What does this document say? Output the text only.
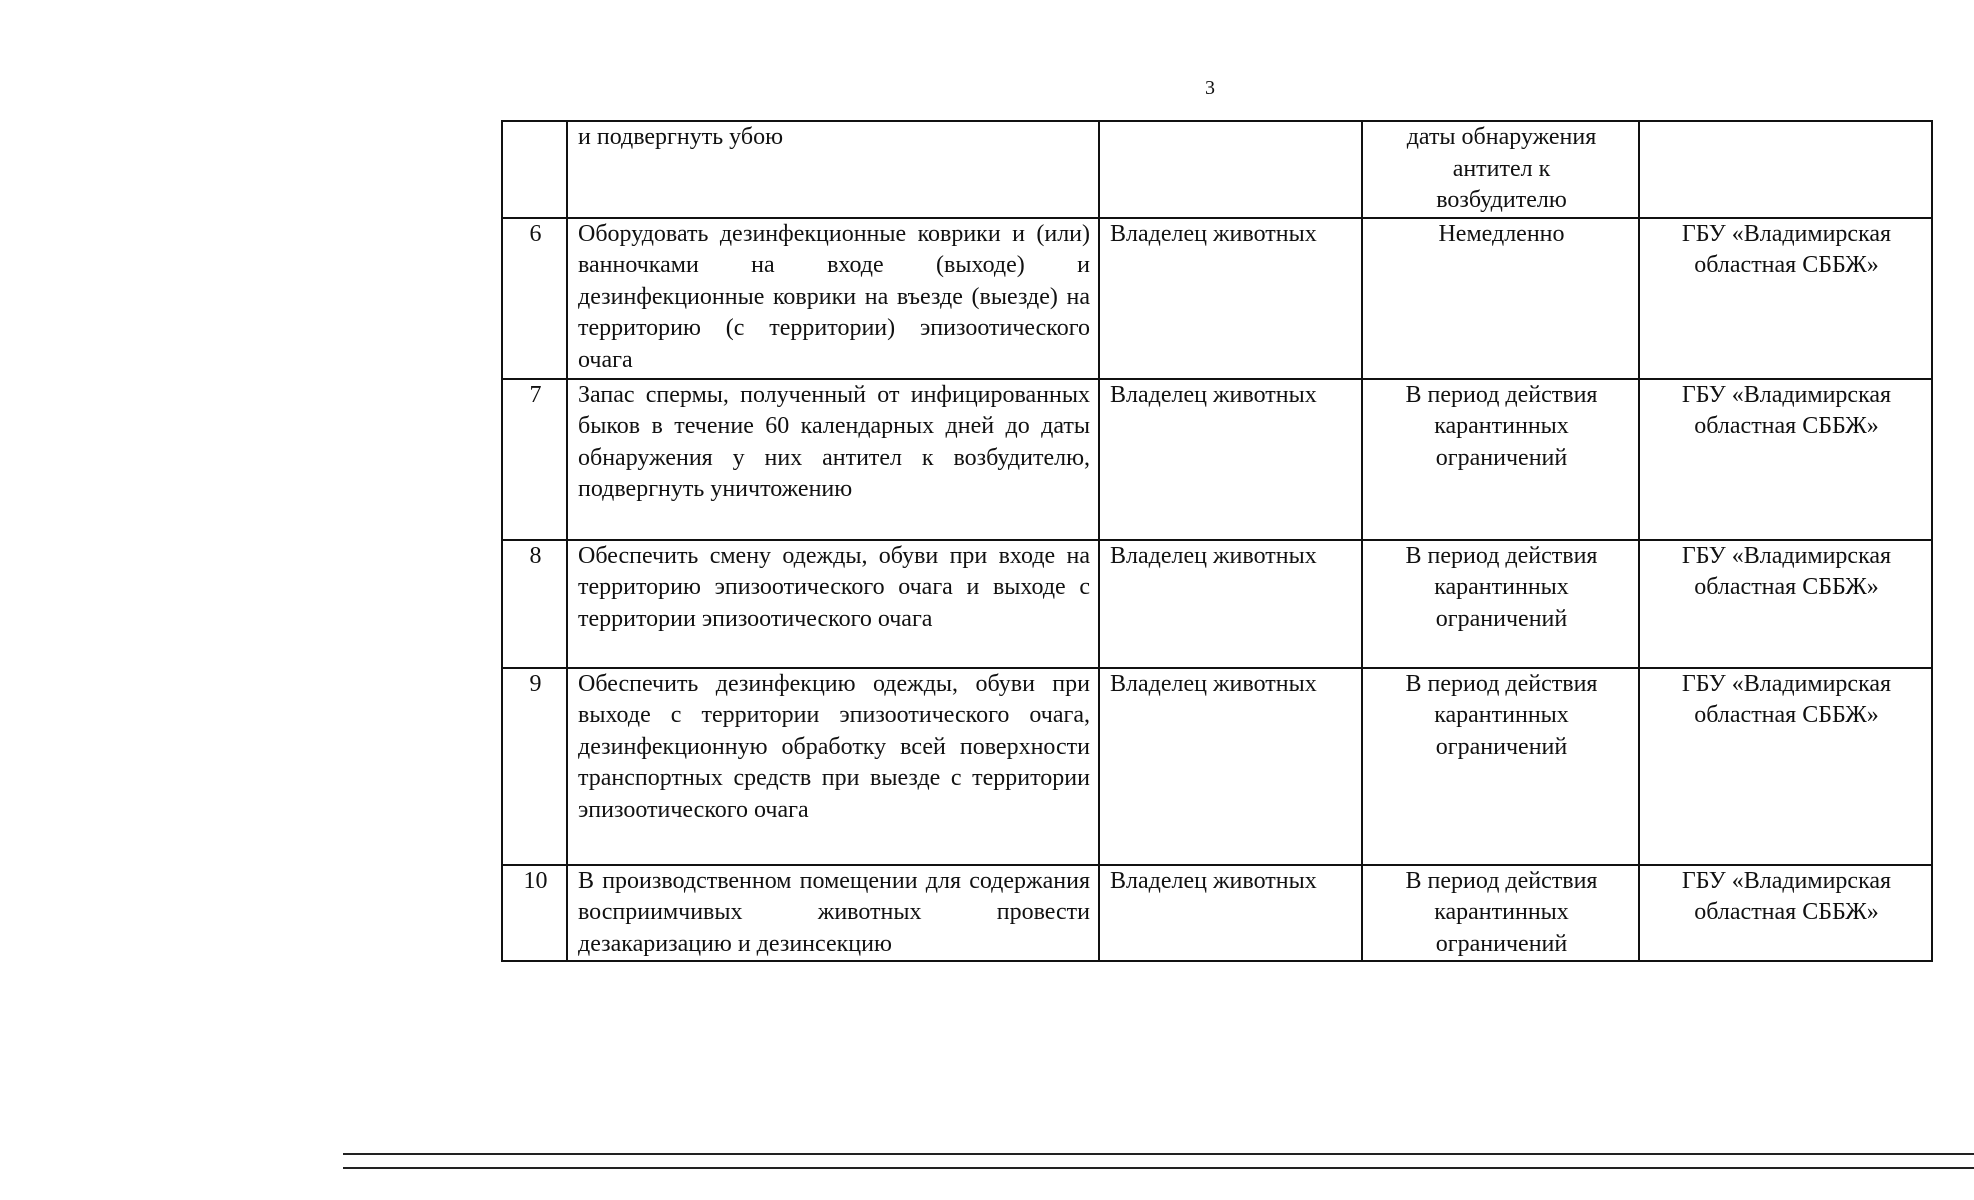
3
	и подвергнуть убою		даты обнаружения
антител к
возбудителю	

6	Оборудовать дезинфекционные коврики и (или) ванночками на входе (выходе) и дезинфекционные коврики на въезде (выезде) на территорию (с территории) эпизоотического очага	Владелец животных	Немедленно	ГБУ «Владимирская
областная СББЖ»

7	Запас спермы, полученный от инфицированных быков в течение 60 календарных дней до даты обнаружения у них антител к возбудителю, подвергнуть уничтожению	Владелец животных	В период действия
карантинных
ограничений	ГБУ «Владимирская
областная СББЖ»

8	Обеспечить смену одежды, обуви при входе на территорию эпизоотического очага и выходе с территории эпизоотического очага	Владелец животных	В период действия
карантинных
ограничений	ГБУ «Владимирская
областная СББЖ»

9	Обеспечить дезинфекцию одежды, обуви при выходе с территории эпизоотического очага, дезинфекционную обработку всей поверхности транспортных средств при выезде с территории эпизоотического очага	Владелец животных	В период действия
карантинных
ограничений	ГБУ «Владимирская
областная СББЖ»

10	В производственном помещении для содержания восприимчивых животных провести дезакаризацию и дезинсекцию	Владелец животных	В период действия
карантинных
ограничений	ГБУ «Владимирская
областная СББЖ»
